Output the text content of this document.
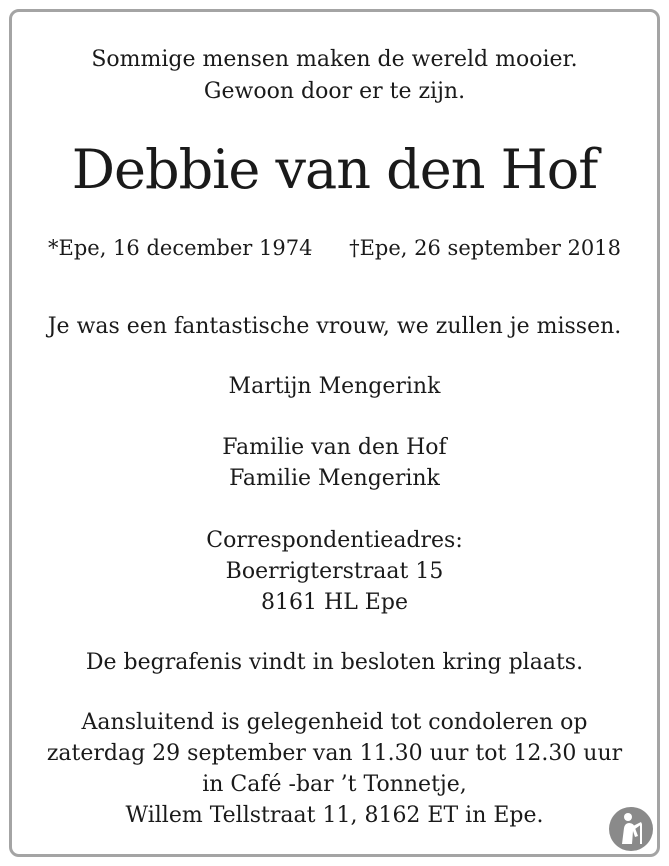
Sommige mensen maken de wereld mooier.
Gewoon door er te zijn.
Debbie van den Hof
*Epe, 16 december 1974 †Epe, 26 september 2018
Je was een fantastische vrouw, we zullen je missen.
Martijn Mengerink
Familie van den Hof
Familie Mengerink
Correspondentieadres:
Boerrigterstraat 15
8161 HL Epe
De begrafenis vindt in besloten kring plaats.
Aansluitend is gelegenheid tot condoleren op
zaterdag 29 september van 11.30 uur tot 12.30 uur
in Café -bar ’t Tonnetje,
Willem Tellstraat 11, 8162 ET in Epe.
